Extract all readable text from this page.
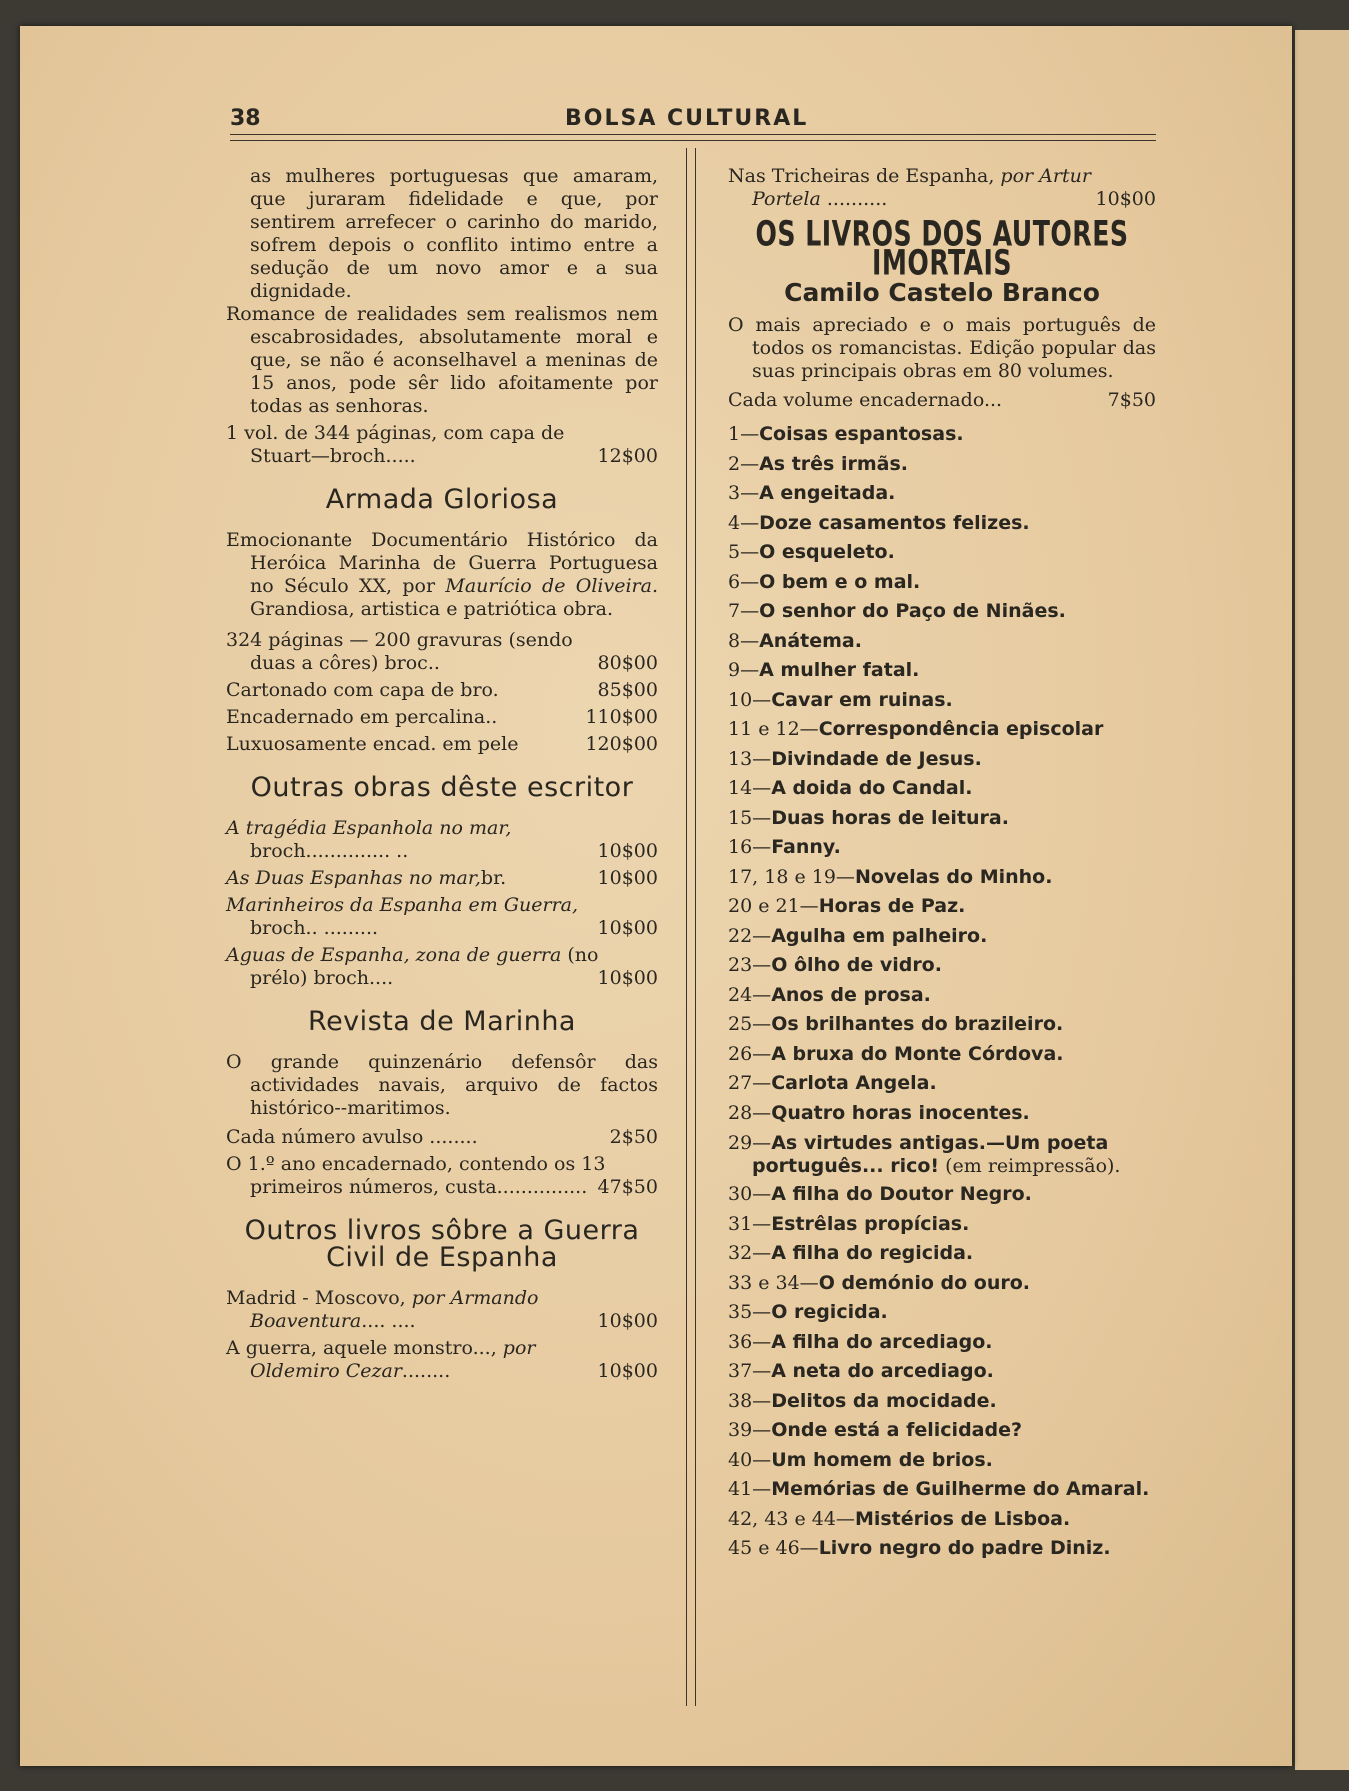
38	BOLSA CULTURAL

as mulheres portuguesas que amaram, que juraram fidelidade e que, por sentirem arrefecer o carinho do marido, sofrem depois o conflito intimo entre a sedução de um novo amor e a sua dignidade.

Romance de realidades sem realismos nem escabrosidades, absolutamente moral e que, se não é aconselhavel a meninas de 15 anos, pode sêr lido afoitamente por todas as senhoras.

1 vol. de 344 páginas, com capa de Stuart—broch.....	12$00
Armada Gloriosa

Emocionante Documentário Histórico da Heróica Marinha de Guerra Portuguesa no Século XX, por Maurício de Oliveira. Grandiosa, artistica e patriótica obra.

324 páginas — 200 gravuras (sendo duas a côres) broc..	80$00
Cartonado com capa de bro.	85$00
Encadernado em percalina..	110$00
Luxuosamente encad. em pele	120$00
Outras obras dêste escritor
A tragédia Espanhola no mar, broch.............. ..	10$00
As Duas Espanhas no mar,br.	10$00
Marinheiros da Espanha em Guerra, broch.. .........	10$00
Aguas de Espanha, zona de guerra (no prélo) broch....	10$00
Revista de Marinha

O grande quinzenário defensôr das actividades navais, arquivo de factos histórico--maritimos.

Cada número avulso ........	2$50
O 1.º ano encadernado, contendo os 13 primeiros números, custa............... 47$50
Outros livros sôbre a Guerra
Civil de Espanha
Madrid - Moscovo, por Armando Boaventura.... ....	10$00
A guerra, aquele monstro..., por Oldemiro Cezar........	10$00
Nas Tricheiras de Espanha, por Artur Portela ..........	10$00
OS LIVROS DOS AUTORES IMORTAIS
Camilo Castelo Branco

O mais apreciado e o mais português de todos os romancistas. Edição popular das suas principais obras em 80 volumes.

Cada volume encadernado...	7$50
1—Coisas espantosas.
2—As três irmãs.
3—A engeitada.
4—Doze casamentos felizes.
5—O esqueleto.
6—O bem e o mal.
7—O senhor do Paço de Ninães.
8—Anátema.
9—A mulher fatal.
10—Cavar em ruinas.
11 e 12—Correspondência episcolar
13—Divindade de Jesus.
14—A doida do Candal.
15—Duas horas de leitura.
16—Fanny.
17, 18 e 19—Novelas do Minho.
20 e 21—Horas de Paz.
22—Agulha em palheiro.
23—O ôlho de vidro.
24—Anos de prosa.
25—Os brilhantes do brazileiro.
26—A bruxa do Monte Córdova.
27—Carlota Angela.
28—Quatro horas inocentes.
29—As virtudes antigas.—Um poeta português... rico! (em reimpressão).
30—A filha do Doutor Negro.
31—Estrêlas propícias.
32—A filha do regicida.
33 e 34—O demónio do ouro.
35—O regicida.
36—A filha do arcediago.
37—A neta do arcediago.
38—Delitos da mocidade.
39—Onde está a felicidade?
40—Um homem de brios.
41—Memórias de Guilherme do Amaral.
42, 43 e 44—Mistérios de Lisboa.
45 e 46—Livro negro do padre Diniz.
